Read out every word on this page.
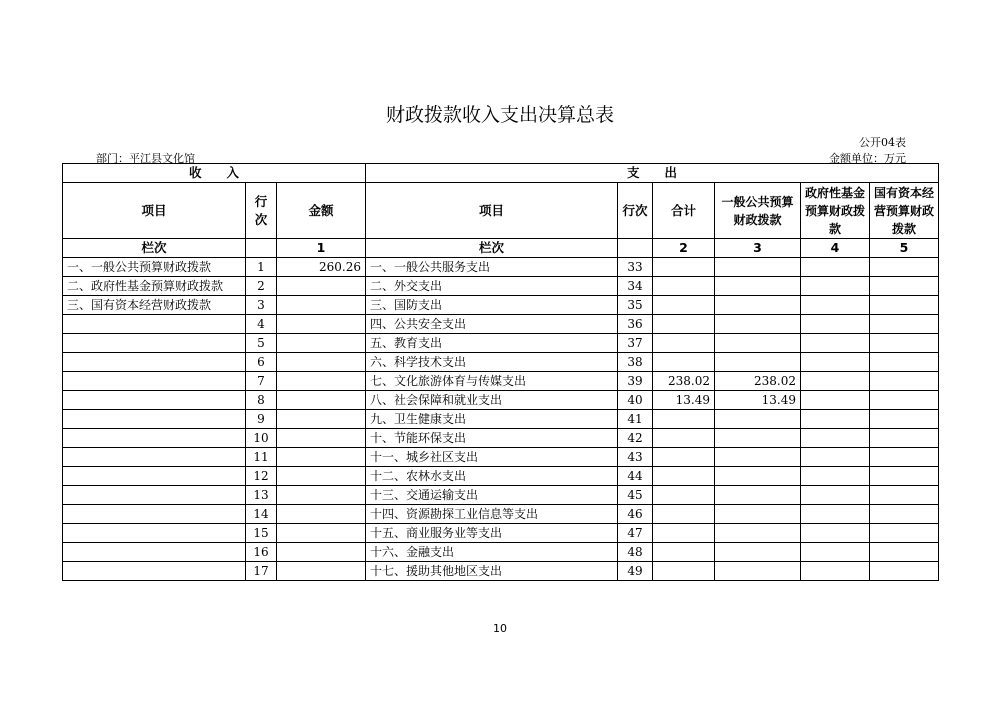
财政拨款收入支出决算总表
公开04表
部门：平江县文化馆	金额单位：万元
收　　入			支　　出					
项目	行次	金额	项目	行次	合计	一般公共预算财政拨款	政府性基金预算财政拨款	国有资本经营预算财政拨款
栏次		1	栏次		2	3	4	5
一、一般公共预算财政拨款	1	260.26	一、一般公共服务支出	33				
二、政府性基金预算财政拨款	2		二、外交支出	34				
三、国有资本经营财政拨款	3		三、国防支出	35				
	4		四、公共安全支出	36				
	5		五、教育支出	37				
	6		六、科学技术支出	38				
	7		七、文化旅游体育与传媒支出	39	238.02	238.02		
	8		八、社会保障和就业支出	40	13.49	13.49		
	9		九、卫生健康支出	41				
	10		十、节能环保支出	42				
	11		十一、城乡社区支出	43				
	12		十二、农林水支出	44				
	13		十三、交通运输支出	45				
	14		十四、资源勘探工业信息等支出	46				
	15		十五、商业服务业等支出	47				
	16		十六、金融支出	48				
	17		十七、援助其他地区支出	49				
10
